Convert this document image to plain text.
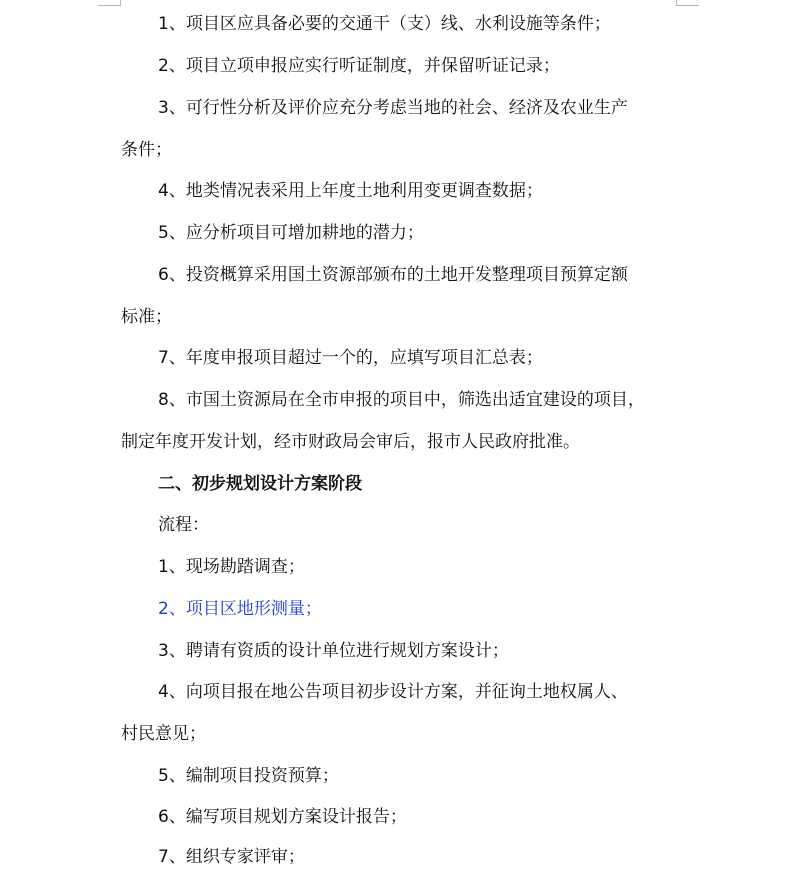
1、项目区应具备必要的交通干（支）线、水利设施等条件；
2、项目立项申报应实行听证制度，并保留听证记录；
3、可行性分析及评价应充分考虑当地的社会、经济及农业生产
条件；
4、地类情况表采用上年度土地利用变更调查数据；
5、应分析项目可增加耕地的潜力；
6、投资概算采用国土资源部颁布的土地开发整理项目预算定额
标准；
7、年度申报项目超过一个的，应填写项目汇总表；
8、市国土资源局在全市申报的项目中，筛选出适宜建设的项目，
制定年度开发计划，经市财政局会审后，报市人民政府批准。
二、初步规划设计方案阶段
流程：
1、现场勘踏调查；
2、项目区地形测量；
3、聘请有资质的设计单位进行规划方案设计；
4、向项目报在地公告项目初步设计方案，并征询土地权属人、
村民意见；
5、编制项目投资预算；
6、编写项目规划方案设计报告；
7、组织专家评审；
